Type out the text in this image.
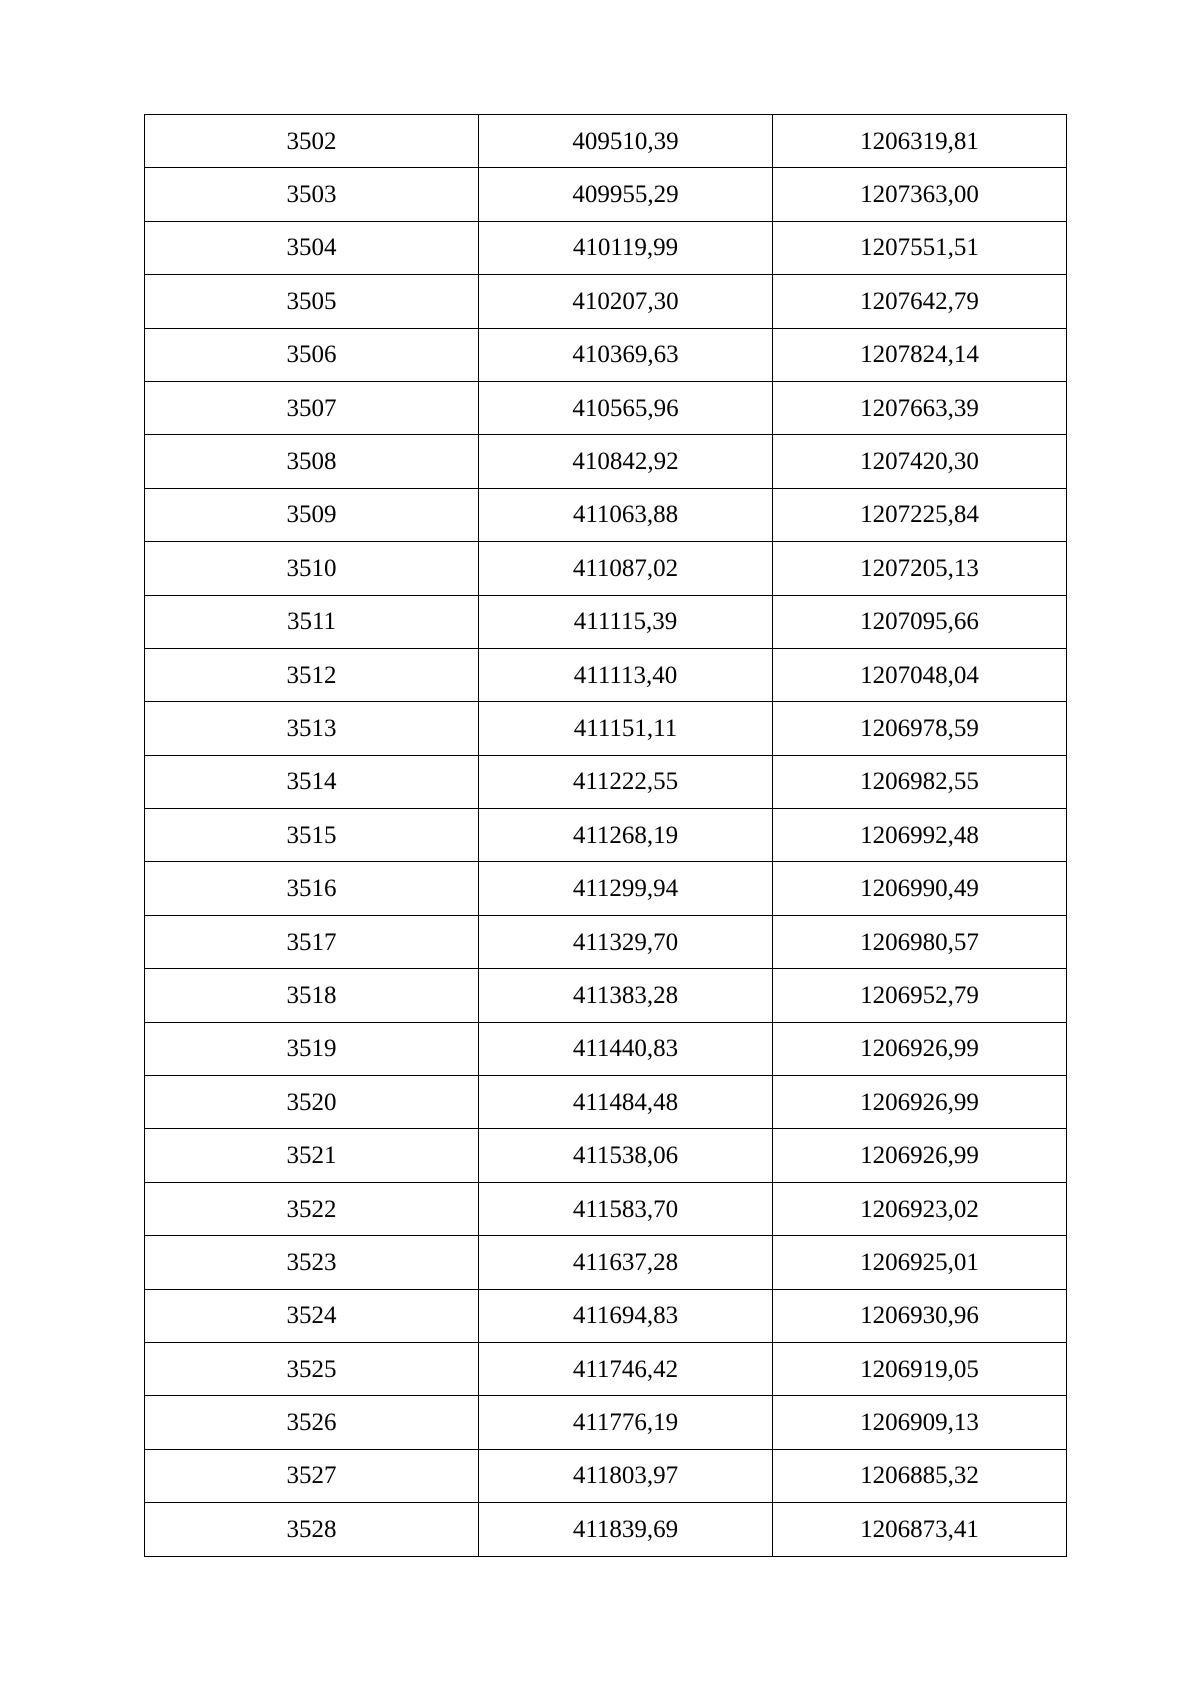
3502	409510,39	1206319,81
3503	409955,29	1207363,00
3504	410119,99	1207551,51
3505	410207,30	1207642,79
3506	410369,63	1207824,14
3507	410565,96	1207663,39
3508	410842,92	1207420,30
3509	411063,88	1207225,84
3510	411087,02	1207205,13
3511	411115,39	1207095,66
3512	411113,40	1207048,04
3513	411151,11	1206978,59
3514	411222,55	1206982,55
3515	411268,19	1206992,48
3516	411299,94	1206990,49
3517	411329,70	1206980,57
3518	411383,28	1206952,79
3519	411440,83	1206926,99
3520	411484,48	1206926,99
3521	411538,06	1206926,99
3522	411583,70	1206923,02
3523	411637,28	1206925,01
3524	411694,83	1206930,96
3525	411746,42	1206919,05
3526	411776,19	1206909,13
3527	411803,97	1206885,32
3528	411839,69	1206873,41
